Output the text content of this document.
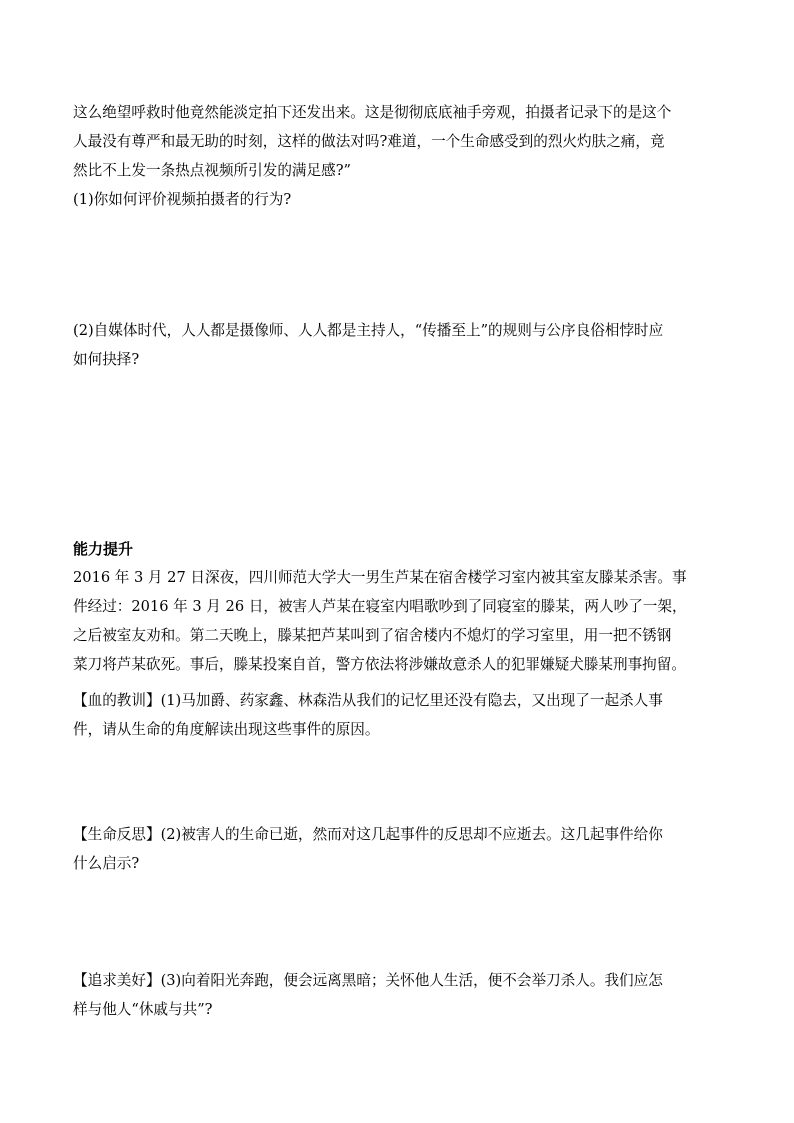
这么绝望呼救时他竟然能淡定拍下还发出来。这是彻彻底底袖手旁观，拍摄者记录下的是这个
人最没有尊严和最无助的时刻，这样的做法对吗?难道，一个生命感受到的烈火灼肤之痛，竟
然比不上发一条热点视频所引发的满足感?”
(1)你如何评价视频拍摄者的行为?
(2)自媒体时代，人人都是摄像师、人人都是主持人，“传播至上”的规则与公序良俗相悖时应
如何抉择?
能力提升
2016 年 3 月 27 日深夜，四川师范大学大一男生芦某在宿舍楼学习室内被其室友滕某杀害。事
件经过：2016 年 3 月 26 日，被害人芦某在寝室内唱歌吵到了同寝室的滕某，两人吵了一架，
之后被室友劝和。第二天晚上，滕某把芦某叫到了宿舍楼内不熄灯的学习室里，用一把不锈钢
菜刀将芦某砍死。事后，滕某投案自首，警方依法将涉嫌故意杀人的犯罪嫌疑犬滕某刑事拘留。
【血的教训】(1)马加爵、药家鑫、林森浩从我们的记忆里还没有隐去，又出现了一起杀人事
件，请从生命的角度解读出现这些事件的原因。
【生命反思】(2)被害人的生命已逝，然而对这几起事件的反思却不应逝去。这几起事件给你
什么启示?
【追求美好】(3)向着阳光奔跑，便会远离黑暗；关怀他人生活，便不会举刀杀人。我们应怎
样与他人“休戚与共”?
